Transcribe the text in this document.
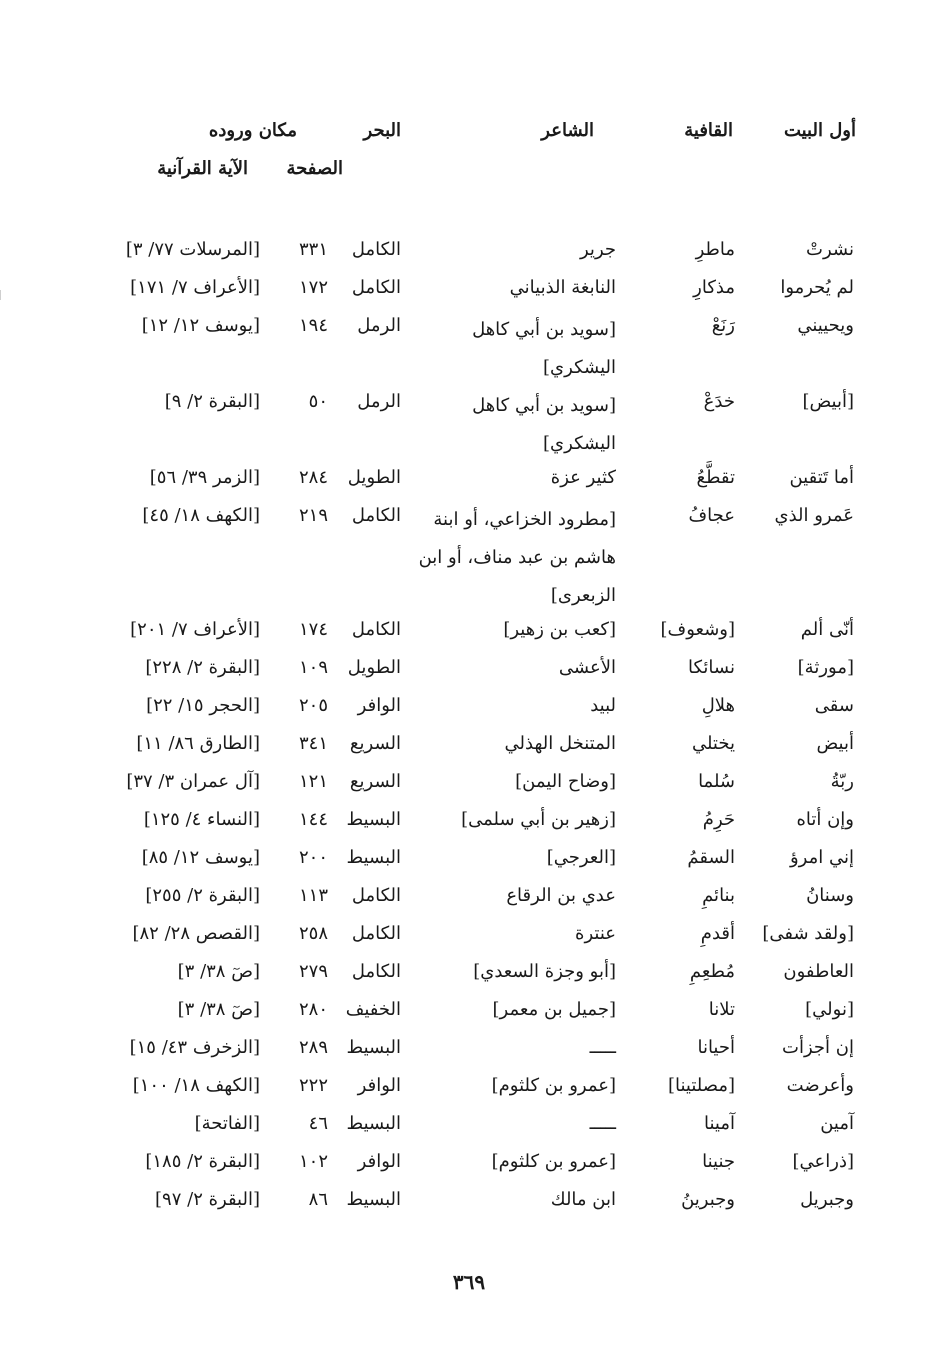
أول البيت
القافية
الشاعر
البحر
مكان وروده
الصفحة
الآية القرآنية
نشرتْ
ماطرِ
جرير
الكامل
٣٣١
[المرسلات ٧٧/ ٣]
لم يُحرموا
مذكارِ
النابغة الذبياني
الكامل
١٧٢
[الأعراف ٧/ ١٧١]
ويحييني
رَنَعْ
[سويد بن أبي كاهل اليشكري]
الرمل
١٩٤
[يوسف ١٢/ ١٢]
[أبيض]
خدَعْ
[سويد بن أبي كاهل اليشكري]
الرمل
٥٠
[البقرة ٢/ ٩]
أما تَتقين
تقطَّعُ
كثير عزة
الطويل
٢٨٤
[الزمر ٣٩/ ٥٦]
عَمرو الذي
عجافُ
[مطرود الخزاعي، أو ابنة هاشم بن عبد مناف، أو ابن الزبعرى]
الكامل
٢١٩
[الكهف ١٨/ ٤٥]
أنّى ألم
[وشعوف]
[كعب بن زهير]
الكامل
١٧٤
[الأعراف ٧/ ٢٠١]
[مورثة]
نسائكا
الأعشى
الطويل
١٠٩
[البقرة ٢/ ٢٢٨]
سقى
هلالِ
لبيد
الوافر
٢٠٥
[الحجر ١٥/ ٢٢]
أبيض
يختلي
المتنخل الهذلي
السريع
٣٤١
[الطارق ٨٦/ ١١]
ربّةُ
سُلما
[وضاح اليمن]
السريع
١٢١
[آل عمران ٣/ ٣٧]
وإن أتاه
حَرِمُ
[زهير بن أبي سلمى]
البسيط
١٤٤
[النساء ٤/ ١٢٥]
إني امرؤ
السقمُ
[العرجي]
البسيط
٢٠٠
[يوسف ١٢/ ٨٥]
وسنانُ
بنائمِ
عدي بن الرقاع
الكامل
١١٣
[البقرة ٢/ ٢٥٥]
[ولقد شفى]
أقدمِ
عنترة
الكامل
٢٥٨
[القصص ٢٨/ ٨٢]
العاطفون
مُطعِمِ
[أبو وجزة السعدي]
الكامل
٢٧٩
[صٓ ٣٨/ ٣]
[نولي]
تلانا
[جميل بن معمر]
الخفيف
٢٨٠
[صٓ ٣٨/ ٣]
إن أجزأت
أحيانا
ـــــ
البسيط
٢٨٩
[الزخرف ٤٣/ ١٥]
وأعرضت
[مصلتينا]
[عمرو بن كلثوم]
الوافر
٢٢٢
[الكهف ١٨/ ١٠٠]
آمين
آمينا
ـــــ
البسيط
٤٦
[الفاتحة]
[ذراعي]
جنينا
[عمرو بن كلثوم]
الوافر
١٠٢
[البقرة ٢/ ١٨٥]
وجبريل
وجبرينُ
ابن مالك
البسيط
٨٦
[البقرة ٢/ ٩٧]
٣٦٩
